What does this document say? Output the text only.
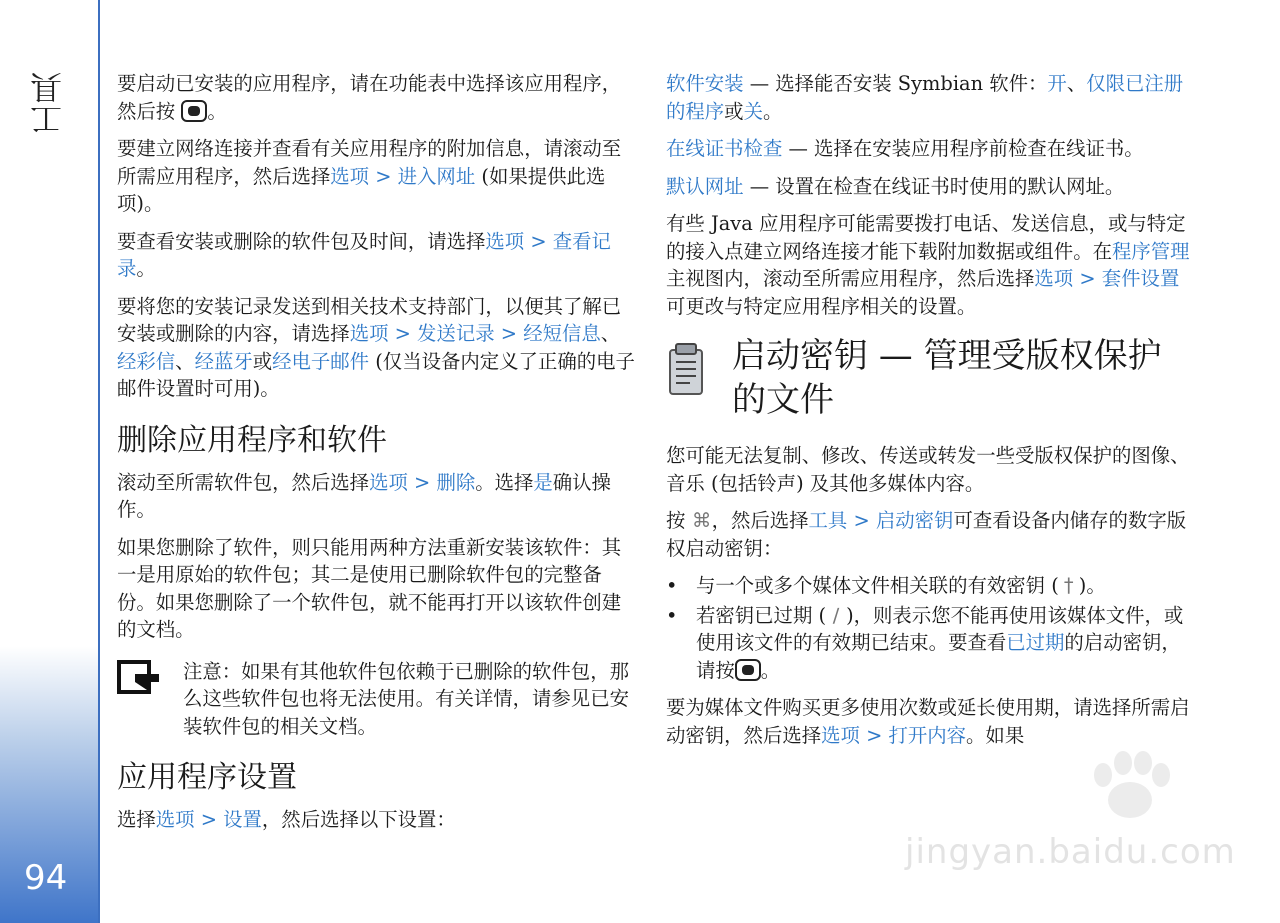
工具
94

要启动已安装的应用程序，请在功能表中选择该应用程序，然后按 。

要建立网络连接并查看有关应用程序的附加信息，请滚动至所需应用程序，然后选择选项 > 进入网址 (如果提供此选项)。

要查看安装或删除的软件包及时间，请选择选项 > 查看记录。

要将您的安装记录发送到相关技术支持部门，以便其了解已安装或删除的内容，请选择选项 > 发送记录 > 经短信息、经彩信、经蓝牙或经电子邮件 (仅当设备内定义了正确的电子邮件设置时可用)。

删除应用程序和软件

滚动至所需软件包，然后选择选项 > 删除。选择是确认操作。

如果您删除了软件，则只能用两种方法重新安装该软件：其一是用原始的软件包；其二是使用已删除软件包的完整备份。如果您删除了一个软件包，就不能再打开以该软件创建的文档。

注意：如果有其他软件包依赖于已删除的软件包，那么这些软件包也将无法使用。有关详情，请参见已安装软件包的相关文档。

应用程序设置

选择选项 > 设置，然后选择以下设置：

软件安装 — 选择能否安装 Symbian 软件：开、仅限已注册的程序或关。

在线证书检查 — 选择在安装应用程序前检查在线证书。

默认网址 — 设置在检查在线证书时使用的默认网址。

有些 Java 应用程序可能需要拨打电话、发送信息，或与特定的接入点建立网络连接才能下载附加数据或组件。在程序管理主视图内，滚动至所需应用程序，然后选择选项 > 套件设置可更改与特定应用程序相关的设置。

启动密钥 — 管理受版权保护的文件

您可能无法复制、修改、传送或转发一些受版权保护的图像、音乐 (包括铃声) 及其他多媒体内容。

按 ⌘，然后选择工具 > 启动密钥可查看设备内储存的数字版权启动密钥：

• 与一个或多个媒体文件相关联的有效密钥 ( † )。
• 若密钥已过期 ( ∕ )，则表示您不能再使用该媒体文件，或使用该文件的有效期已结束。要查看已过期的启动密钥，请按 。

要为媒体文件购买更多使用次数或延长使用期，请选择所需启动密钥，然后选择选项 > 打开内容。如果

jingyan.baidu.com
